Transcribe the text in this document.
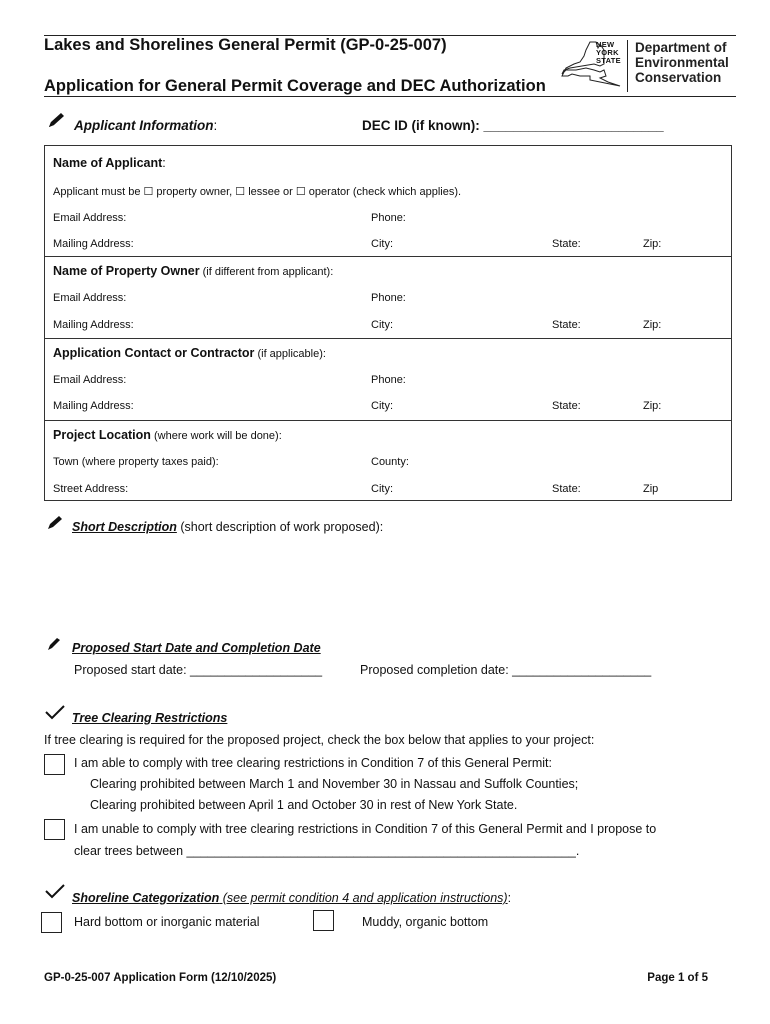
Lakes and Shorelines General Permit (GP-0-25-007)
Application for General Permit Coverage and DEC Authorization
NEW
YORK
STATE
Department of
Environmental
Conservation
Applicant Information:	DEC ID (if known): ________________________
Name of Applicant:
Applicant must be ☐ property owner, ☐ lessee or ☐ operator (check which applies).
Email Address:	Phone:
Mailing Address:	City:	State:	Zip:
Name of Property Owner (if different from applicant):
Email Address:	Phone:
Mailing Address:	City:	State:	Zip:
Application Contact or Contractor (if applicable):
Email Address:	Phone:
Mailing Address:	City:	State:	Zip:
Project Location (where work will be done):
Town (where property taxes paid):	County:
Street Address:	City:	State:	Zip
Short Description (short description of work proposed):
Proposed Start Date and Completion Date
Proposed start date: ___________________	Proposed completion date: ____________________
Tree Clearing Restrictions
If tree clearing is required for the proposed project, check the box below that applies to your project:
I am able to comply with tree clearing restrictions in Condition 7 of this General Permit:
Clearing prohibited between March 1 and November 30 in Nassau and Suffolk Counties;
Clearing prohibited between April 1 and October 30 in rest of New York State.
I am unable to comply with tree clearing restrictions in Condition 7 of this General Permit and I propose to
clear trees between ________________________________________________________.
Shoreline Categorization (see permit condition 4 and application instructions):
Hard bottom or inorganic material	Muddy, organic bottom
GP-0-25-007 Application Form (12/10/2025)	Page 1 of 5
